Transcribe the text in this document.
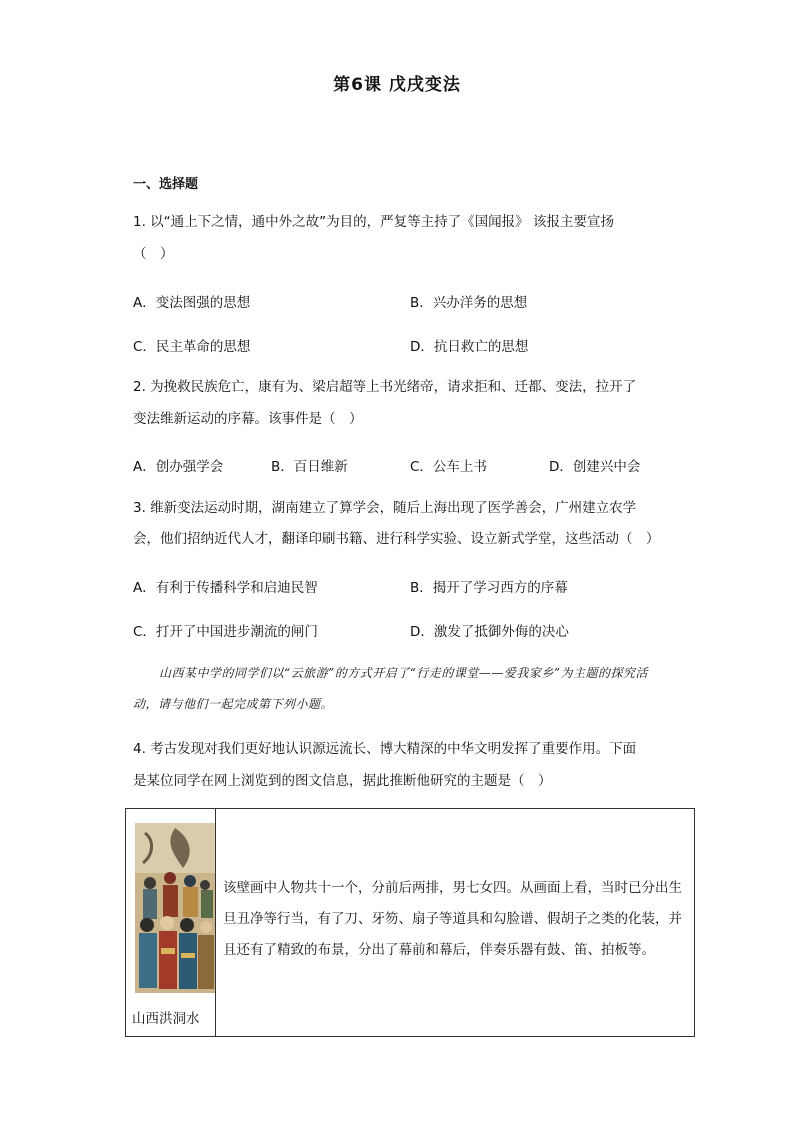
第6课 戊戌变法
一、选择题
1. 以“通上下之情，通中外之故”为目的，严复等主持了《国闻报》 该报主要宣扬
（　）
A．变法图强的思想	B．兴办洋务的思想
C．民主革命的思想	D．抗日救亡的思想
2. 为挽救民族危亡，康有为、梁启超等上书光绪帝，请求拒和、迁都、变法，拉开了
变法维新运动的序幕。该事件是（　）
A．创办强学会	B．百日维新	C．公车上书	D．创建兴中会
3. 维新变法运动时期，湖南建立了算学会，随后上海出现了医学善会，广州建立农学
会，他们招纳近代人才，翻译印刷书籍、进行科学实验、设立新式学堂，这些活动（　）
A．有利于传播科学和启迪民智	B．揭开了学习西方的序幕
C．打开了中国进步潮流的闸门	D．激发了抵御外侮的决心
山西某中学的同学们以“云旅游”的方式开启了“行走的课堂——爱我家乡”为主题的探究活动，请与他们一起完成第下列小题。
4. 考古发现对我们更好地认识源远流长、博大精深的中华文明发挥了重要作用。下面
是某位同学在网上浏览到的图文信息，据此推断他研究的主题是（　）
山西洪洞水
该壁画中人物共十一个，分前后两排，男七女四。从画面上看，当时已分出生旦丑净等行当，有了刀、牙笏、扇子等道具和勾脸谱、假胡子之类的化装，并且还有了精致的布景，分出了幕前和幕后，伴奏乐器有鼓、笛、拍板等。
